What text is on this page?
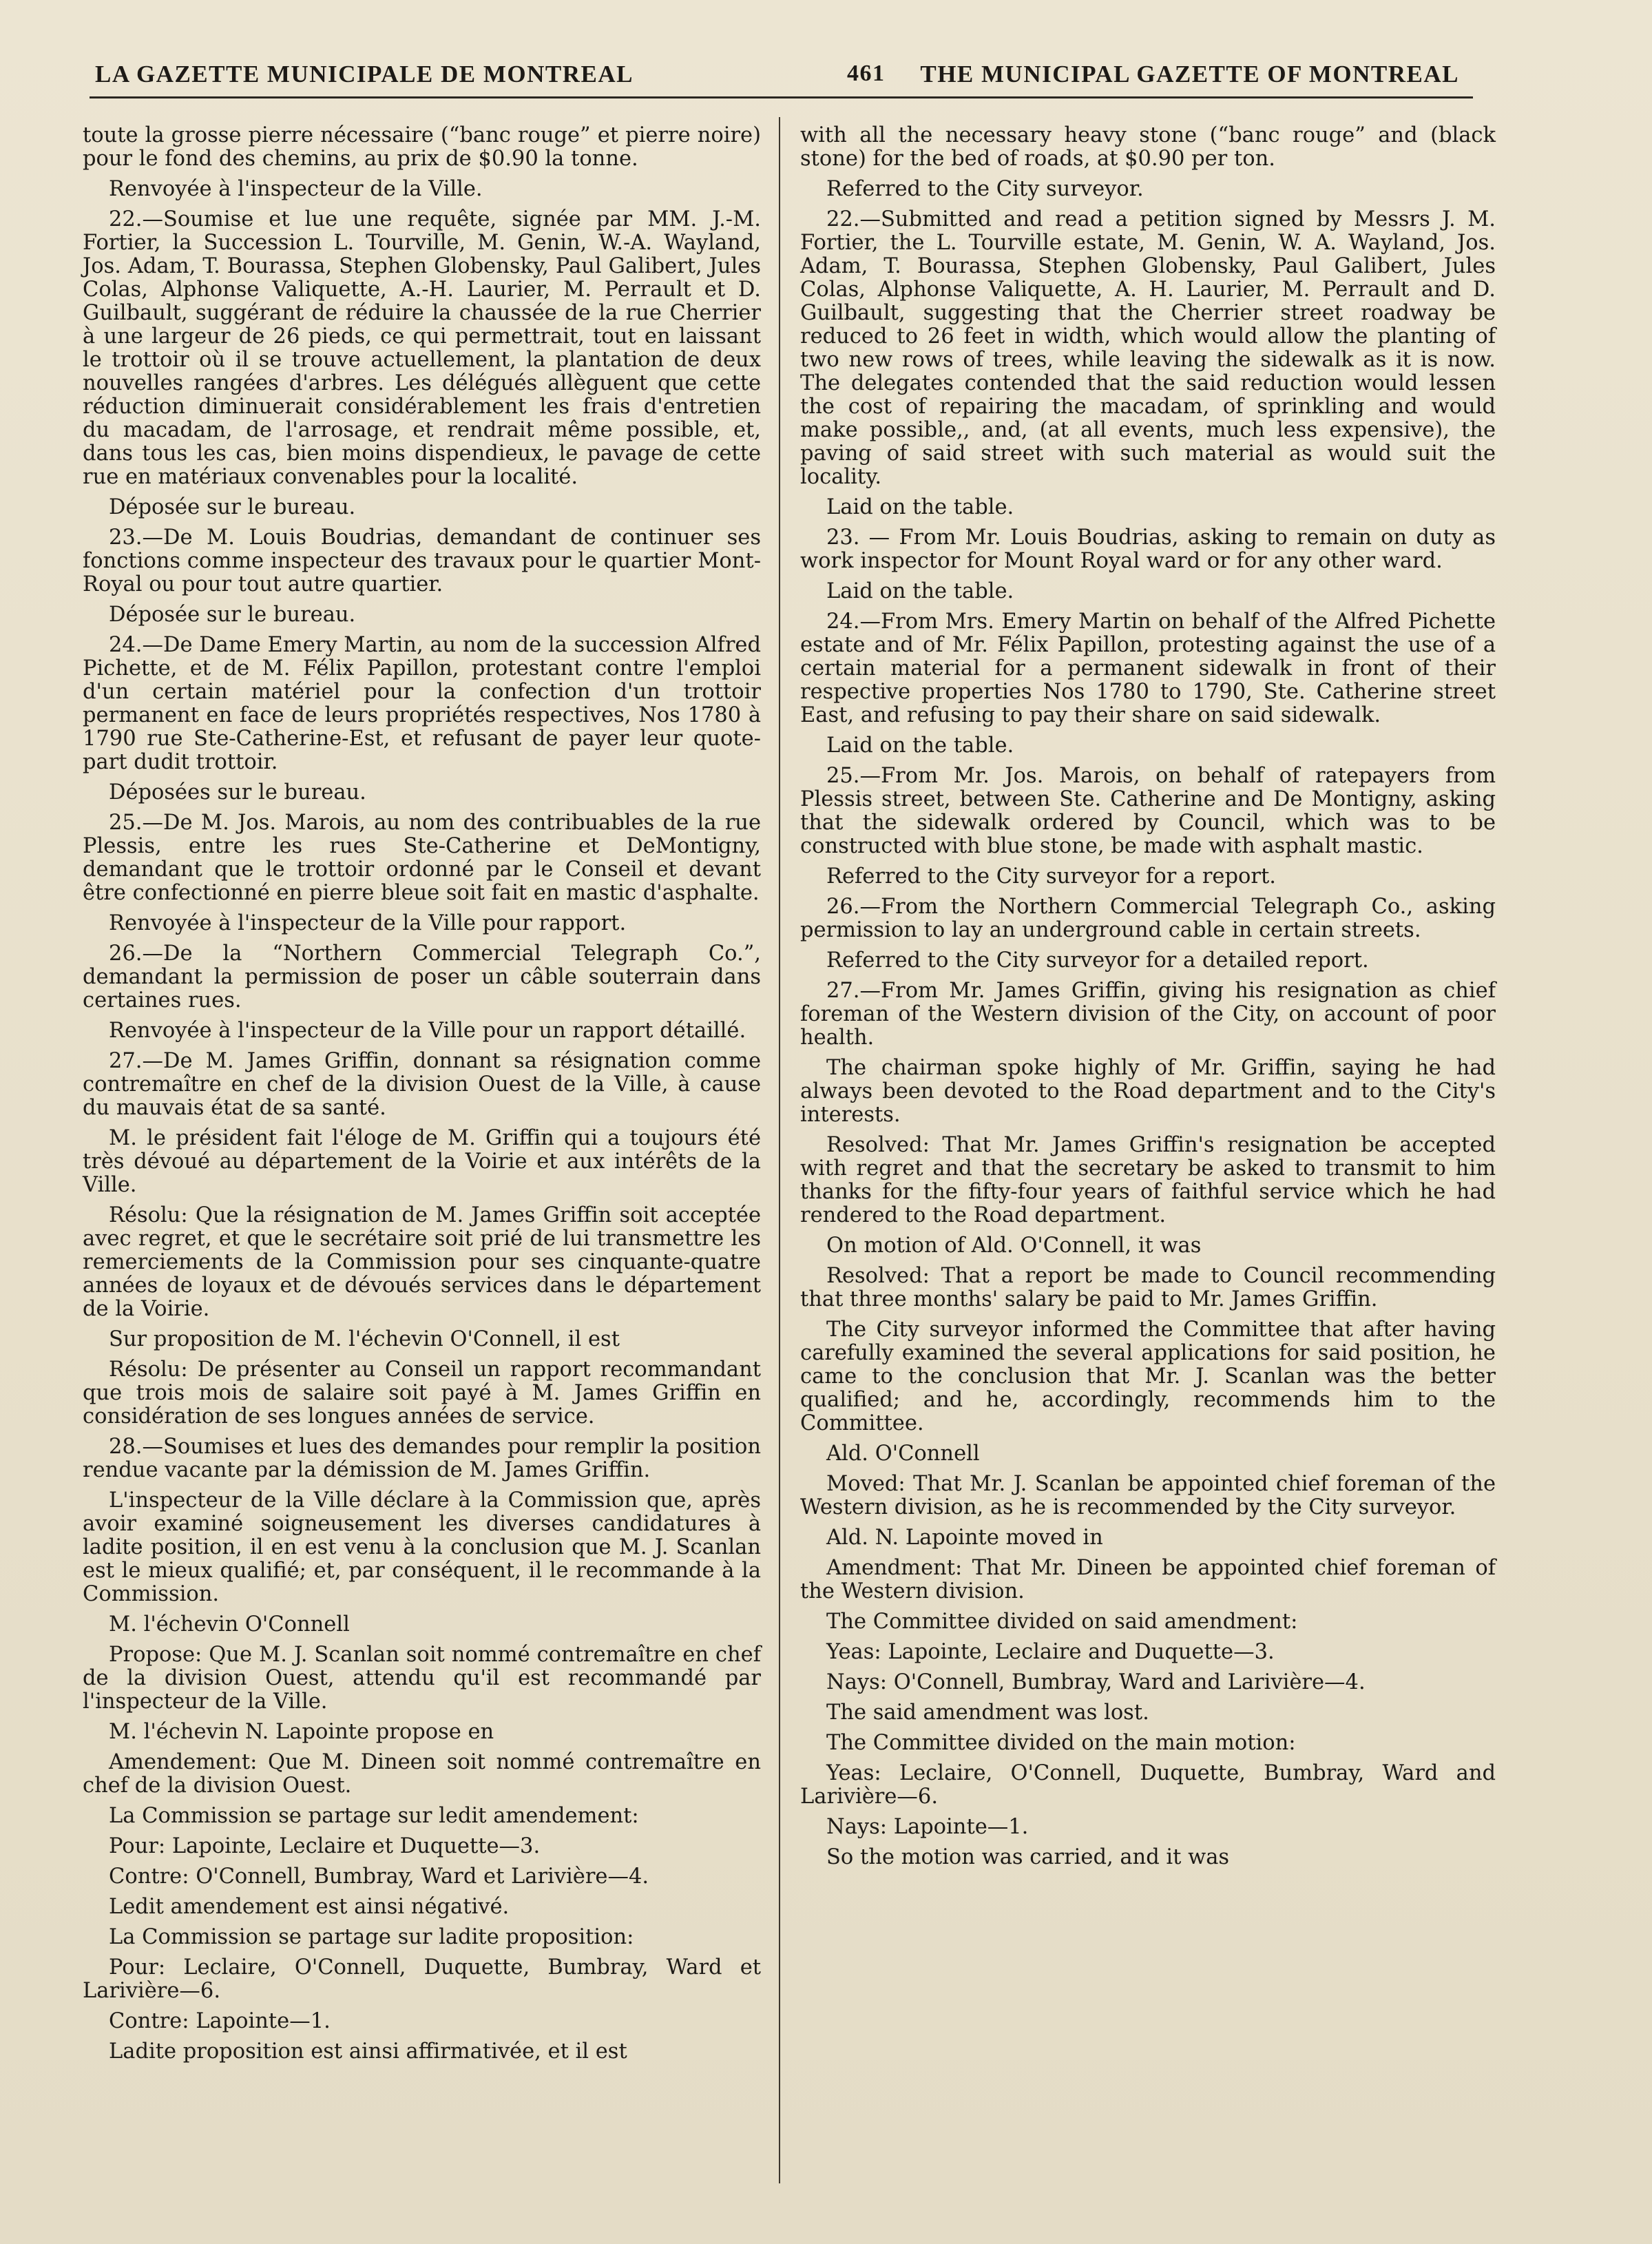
LA GAZETTE MUNICIPALE DE MONTREAL	461 THE MUNICIPAL GAZETTE OF MONTREAL

toute la grosse pierre nécessaire (“banc rouge” et pierre noire) pour le fond des chemins, au prix de $0.90 la tonne.

Renvoyée à l'inspecteur de la Ville.

22.—Soumise et lue une requête, signée par MM. J.-M. Fortier, la Succession L. Tourville, M. Genin, W.-A. Wayland, Jos. Adam, T. Bourassa, Stephen Globensky, Paul Galibert, Jules Colas, Alphonse Valiquette, A.-H. Laurier, M. Perrault et D. Guilbault, suggérant de réduire la chaussée de la rue Cherrier à une largeur de 26 pieds, ce qui permettrait, tout en laissant le trottoir où il se trouve actuellement, la plantation de deux nouvelles rangées d'arbres. Les délégués allèguent que cette réduction diminuerait considérablement les frais d'entretien du macadam, de l'arrosage, et rendrait même possible, et, dans tous les cas, bien moins dispendieux, le pavage de cette rue en matériaux convenables pour la localité.

Déposée sur le bureau.

23.—De M. Louis Boudrias, demandant de continuer ses fonctions comme inspecteur des travaux pour le quartier Mont-Royal ou pour tout autre quartier.

Déposée sur le bureau.

24.—De Dame Emery Martin, au nom de la succession Alfred Pichette, et de M. Félix Papillon, protestant contre l'emploi d'un certain matériel pour la confection d'un trottoir permanent en face de leurs propriétés respectives, Nos 1780 à 1790 rue Ste-Catherine-Est, et refusant de payer leur quote-part dudit trottoir.

Déposées sur le bureau.

25.—De M. Jos. Marois, au nom des contribuables de la rue Plessis, entre les rues Ste-Catherine et DeMontigny, demandant que le trottoir ordonné par le Conseil et devant être confectionné en pierre bleue soit fait en mastic d'asphalte.

Renvoyée à l'inspecteur de la Ville pour rapport.

26.—De la “Northern Commercial Telegraph Co.”, demandant la permission de poser un câble souterrain dans certaines rues.

Renvoyée à l'inspecteur de la Ville pour un rapport détaillé.

27.—De M. James Griffin, donnant sa résignation comme contremaître en chef de la division Ouest de la Ville, à cause du mauvais état de sa santé.

M. le président fait l'éloge de M. Griffin qui a toujours été très dévoué au département de la Voirie et aux intérêts de la Ville.

Résolu: Que la résignation de M. James Griffin soit acceptée avec regret, et que le secrétaire soit prié de lui transmettre les remerciements de la Commission pour ses cinquante-quatre années de loyaux et de dévoués services dans le département de la Voirie.

Sur proposition de M. l'échevin O'Connell, il est

Résolu: De présenter au Conseil un rapport recommandant que trois mois de salaire soit payé à M. James Griffin en considération de ses longues années de service.

28.—Soumises et lues des demandes pour remplir la position rendue vacante par la démission de M. James Griffin.

L'inspecteur de la Ville déclare à la Commission que, après avoir examiné soigneusement les diverses candidatures à ladite position, il en est venu à la conclusion que M. J. Scanlan est le mieux qualifié; et, par conséquent, il le recommande à la Commission.

M. l'échevin O'Connell

Propose: Que M. J. Scanlan soit nommé contremaître en chef de la division Ouest, attendu qu'il est recommandé par l'inspecteur de la Ville.

M. l'échevin N. Lapointe propose en

Amendement: Que M. Dineen soit nommé contremaître en chef de la division Ouest.

La Commission se partage sur ledit amendement:

Pour: Lapointe, Leclaire et Duquette—3.

Contre: O'Connell, Bumbray, Ward et Larivière—4.

Ledit amendement est ainsi négativé.

La Commission se partage sur ladite proposition:

Pour: Leclaire, O'Connell, Duquette, Bumbray, Ward et Larivière—6.

Contre: Lapointe—1.

Ladite proposition est ainsi affirmativée, et il est

with all the necessary heavy stone (“banc rouge” and (black stone) for the bed of roads, at $0.90 per ton.

Referred to the City surveyor.

22.—Submitted and read a petition signed by Messrs J. M. Fortier, the L. Tourville estate, M. Genin, W. A. Wayland, Jos. Adam, T. Bourassa, Stephen Globensky, Paul Galibert, Jules Colas, Alphonse Valiquette, A. H. Laurier, M. Perrault and D. Guilbault, suggesting that the Cherrier street roadway be reduced to 26 feet in width, which would allow the planting of two new rows of trees, while leaving the sidewalk as it is now. The delegates contended that the said reduction would lessen the cost of repairing the macadam, of sprinkling and would make possible,, and, (at all events, much less expensive), the paving of said street with such material as would suit the locality.

Laid on the table.

23. — From Mr. Louis Boudrias, asking to remain on duty as work inspector for Mount Royal ward or for any other ward.

Laid on the table.

24.—From Mrs. Emery Martin on behalf of the Alfred Pichette estate and of Mr. Félix Papillon, protesting against the use of a certain material for a permanent sidewalk in front of their respective properties Nos 1780 to 1790, Ste. Catherine street East, and refusing to pay their share on said sidewalk.

Laid on the table.

25.—From Mr. Jos. Marois, on behalf of ratepayers from Plessis street, between Ste. Catherine and De Montigny, asking that the sidewalk ordered by Council, which was to be constructed with blue stone, be made with asphalt mastic.

Referred to the City surveyor for a report.

26.—From the Northern Commercial Telegraph Co., asking permission to lay an underground cable in certain streets.

Referred to the City surveyor for a detailed report.

27.—From Mr. James Griffin, giving his resignation as chief foreman of the Western division of the City, on account of poor health.

The chairman spoke highly of Mr. Griffin, saying he had always been devoted to the Road department and to the City's interests.

Resolved: That Mr. James Griffin's resignation be accepted with regret and that the secretary be asked to transmit to him thanks for the fifty-four years of faithful service which he had rendered to the Road department.

On motion of Ald. O'Connell, it was

Resolved: That a report be made to Council recommending that three months' salary be paid to Mr. James Griffin.

The City surveyor informed the Committee that after having carefully examined the several applications for said position, he came to the conclusion that Mr. J. Scanlan was the better qualified; and he, accordingly, recommends him to the Committee.

Ald. O'Connell

Moved: That Mr. J. Scanlan be appointed chief foreman of the Western division, as he is recommended by the City surveyor.

Ald. N. Lapointe moved in

Amendment: That Mr. Dineen be appointed chief foreman of the Western division.

The Committee divided on said amendment:

Yeas: Lapointe, Leclaire and Duquette—3.

Nays: O'Connell, Bumbray, Ward and Larivière—4.

The said amendment was lost.

The Committee divided on the main motion:

Yeas: Leclaire, O'Connell, Duquette, Bumbray, Ward and Larivière—6.

Nays: Lapointe—1.

So the motion was carried, and it was
